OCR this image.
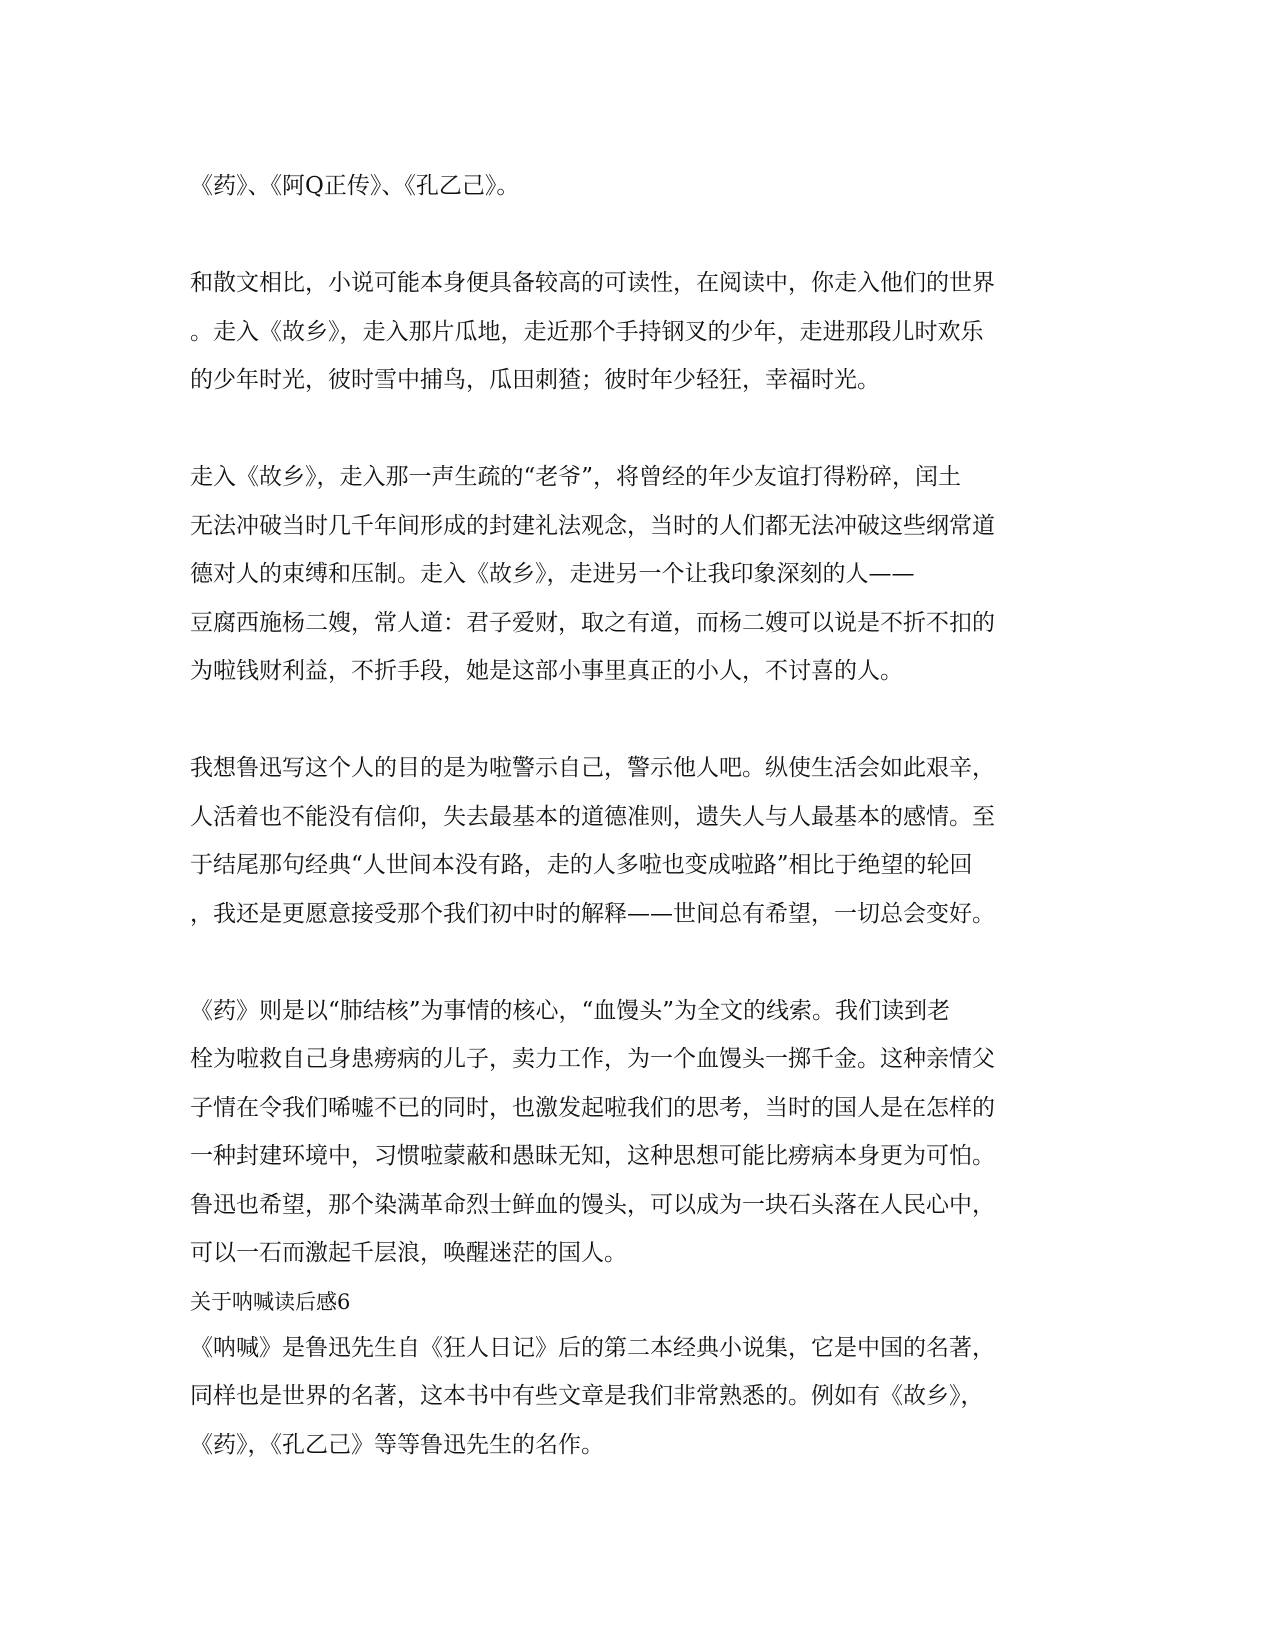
《药》、《阿Q正传》、《孔乙己》。
和散文相比，小说可能本身便具备较高的可读性，在阅读中，你走入他们的世界
。走入《故乡》，走入那片瓜地，走近那个手持钢叉的少年，走进那段儿时欢乐
的少年时光，彼时雪中捕鸟，瓜田刺猹；彼时年少轻狂，幸福时光。
走入《故乡》，走入那一声生疏的“老爷”，将曾经的年少友谊打得粉碎，闰土
无法冲破当时几千年间形成的封建礼法观念，当时的人们都无法冲破这些纲常道
德对人的束缚和压制。走入《故乡》，走进另一个让我印象深刻的人——
豆腐西施杨二嫂，常人道：君子爱财，取之有道，而杨二嫂可以说是不折不扣的
为啦钱财利益，不折手段，她是这部小事里真正的小人，不讨喜的人。
我想鲁迅写这个人的目的是为啦警示自己，警示他人吧。纵使生活会如此艰辛，
人活着也不能没有信仰，失去最基本的道德准则，遗失人与人最基本的感情。至
于结尾那句经典“人世间本没有路，走的人多啦也变成啦路”相比于绝望的轮回
，我还是更愿意接受那个我们初中时的解释——世间总有希望，一切总会变好。
《药》则是以“肺结核”为事情的核心，“血馒头”为全文的线索。我们读到老
栓为啦救自己身患痨病的儿子，卖力工作，为一个血馒头一掷千金。这种亲情父
子情在令我们唏嘘不已的同时，也激发起啦我们的思考，当时的国人是在怎样的
一种封建环境中，习惯啦蒙蔽和愚昧无知，这种思想可能比痨病本身更为可怕。
鲁迅也希望，那个染满革命烈士鲜血的馒头，可以成为一块石头落在人民心中，
可以一石而激起千层浪，唤醒迷茫的国人。
关于呐喊读后感6
《呐喊》是鲁迅先生自《狂人日记》后的第二本经典小说集，它是中国的名著，
同样也是世界的名著，这本书中有些文章是我们非常熟悉的。例如有《故乡》，
《药》，《孔乙己》等等鲁迅先生的名作。
